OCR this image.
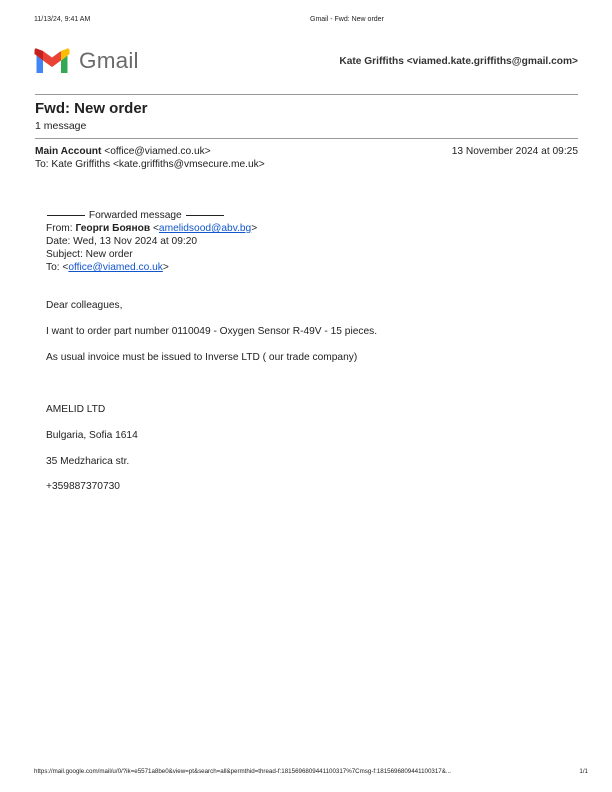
11/13/24, 9:41 AM	Gmail - Fwd: New order
Gmail	Kate Griffiths <viamed.kate.griffiths@gmail.com>
Fwd: New order
1 message
Main Account <office@viamed.co.uk>	13 November 2024 at 09:25
To: Kate Griffiths <kate.griffiths@vmsecure.me.uk>
Forwarded message
From: Георги Боянов <amelidsood@abv.bg>
Date: Wed, 13 Nov 2024 at 09:20
Subject: New order
To: <office@viamed.co.uk>
Dear colleagues,
I want to order part number 0110049 - Oxygen Sensor R-49V - 15 pieces.
As usual invoice must be issued to Inverse LTD ( our trade company)
AMELID LTD
Bulgaria, Sofia 1614
35 Medzharica str.
+359887370730
https://mail.google.com/mail/u/0/?ik=e5571a8be0&view=pt&search=all&permthid=thread-f:1815696809441100317%7Cmsg-f:1815696809441100317&...	1/1
